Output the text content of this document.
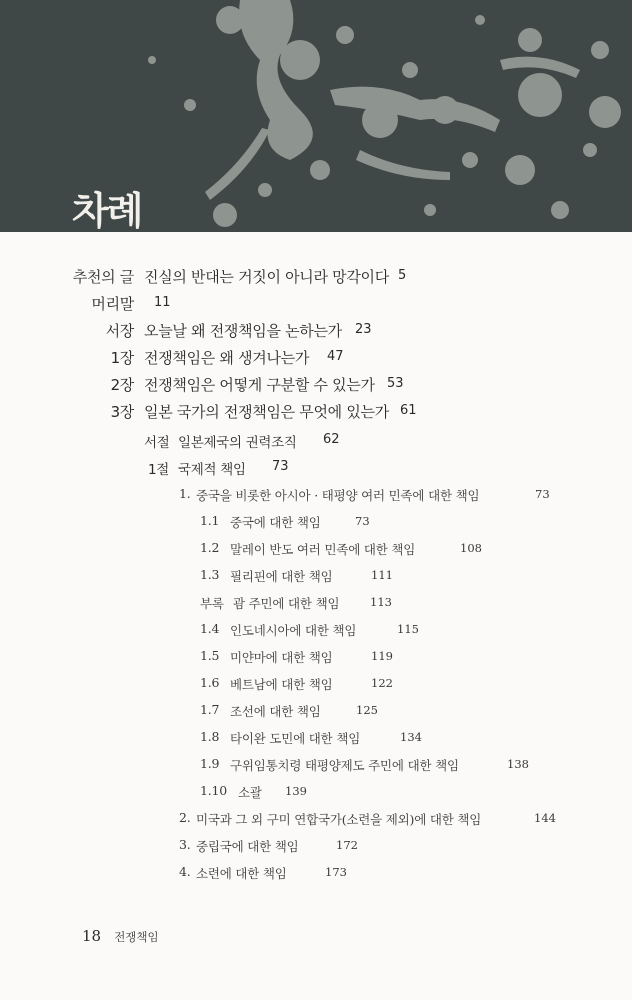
차례
추천의 글 진실의 반대는 거짓이 아니라 망각이다 5
머리말 11
서장 오늘날 왜 전쟁책임을 논하는가 23
1장 전쟁책임은 왜 생겨나는가 47
2장 전쟁책임은 어떻게 구분할 수 있는가 53
3장 일본 국가의 전쟁책임은 무엇에 있는가 61
서절 일본제국의 권력조직 62
1절 국제적 책임 73
1. 중국을 비롯한 아시아 · 태평양 여러 민족에 대한 책임	73
1.1 중국에 대한 책임	73
1.2 말레이 반도 여러 민족에 대한 책임	108
1.3 필리핀에 대한 책임	111
부록 괌 주민에 대한 책임	113
1.4 인도네시아에 대한 책임	115
1.5 미얀마에 대한 책임	119
1.6 베트남에 대한 책임	122
1.7 조선에 대한 책임	125
1.8 타이완 도민에 대한 책임	134
1.9 구위임통치령 태평양제도 주민에 대한 책임	138
1.10 소괄 139
2. 미국과 그 외 구미 연합국가(소련을 제외)에 대한 책임	144
3. 중립국에 대한 책임	172
4. 소련에 대한 책임	173
18 전쟁책임
